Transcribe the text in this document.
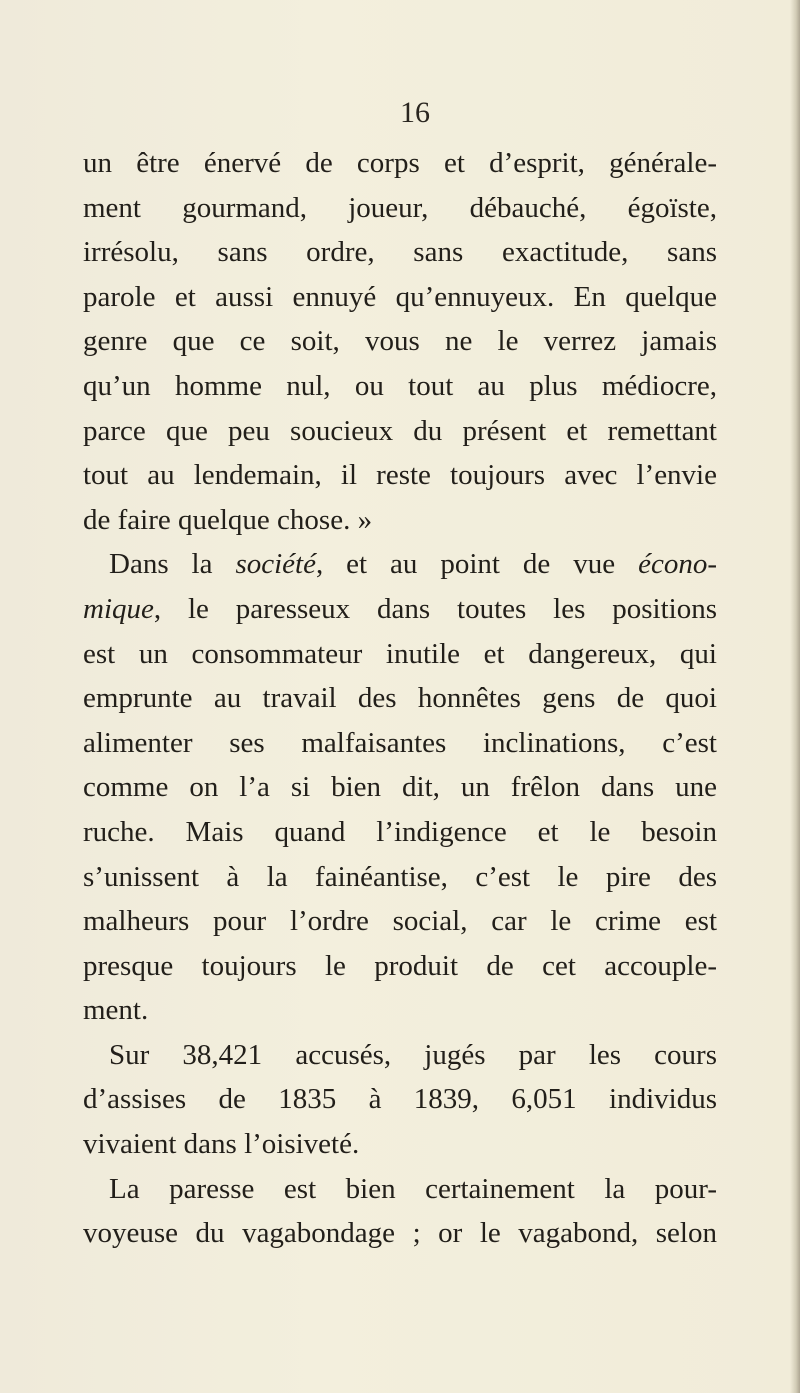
16
un être énervé de corps et d’esprit, générale-
ment gourmand, joueur, débauché, égoïste,
irrésolu, sans ordre, sans exactitude, sans
parole et aussi ennuyé qu’ennuyeux. En quelque
genre que ce soit, vous ne le verrez jamais
qu’un homme nul, ou tout au plus médiocre,
parce que peu soucieux du présent et remettant
tout au lendemain, il reste toujours avec l’envie
de faire quelque chose. »
Dans la société, et au point de vue écono-
mique, le paresseux dans toutes les positions
est un consommateur inutile et dangereux, qui
emprunte au travail des honnêtes gens de quoi
alimenter ses malfaisantes inclinations, c’est
comme on l’a si bien dit, un frêlon dans une
ruche. Mais quand l’indigence et le besoin
s’unissent à la fainéantise, c’est le pire des
malheurs pour l’ordre social, car le crime est
presque toujours le produit de cet accouple-
ment.
Sur 38,421 accusés, jugés par les cours
d’assises de 1835 à 1839, 6,051 individus
vivaient dans l’oisiveté.
La paresse est bien certainement la pour-
voyeuse du vagabondage ; or le vagabond, selon
